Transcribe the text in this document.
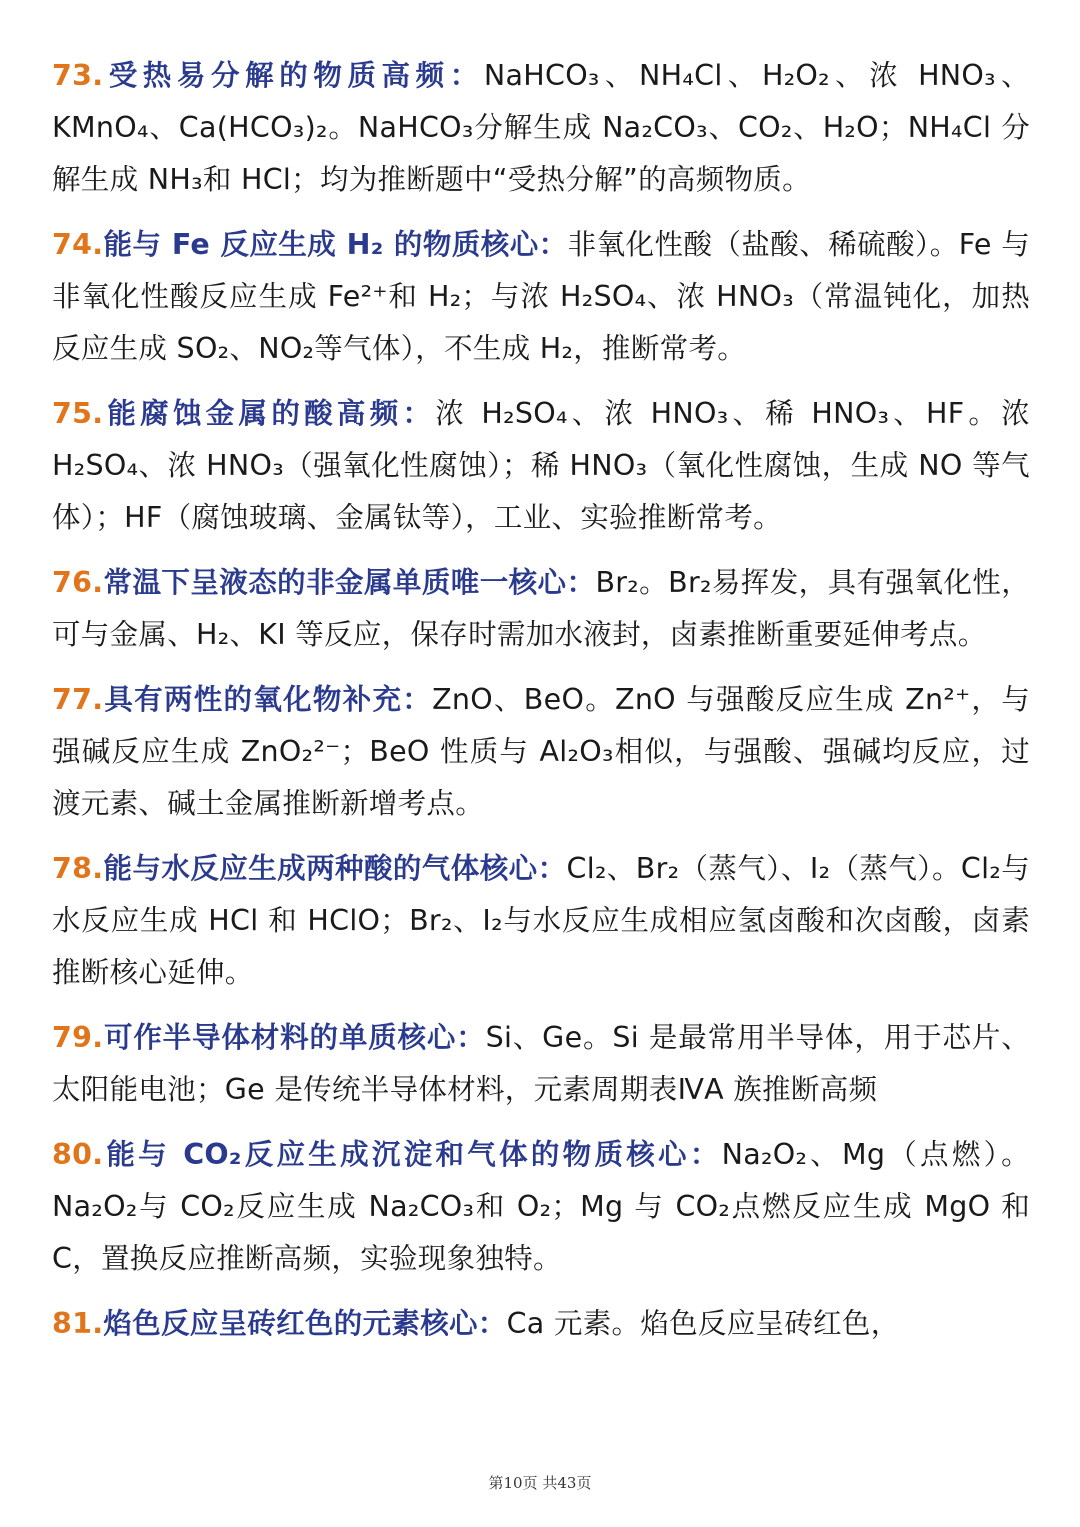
73.受热易分解的物质高频：NaHCO₃、NH₄Cl、H₂O₂、浓 HNO₃、KMnO₄、Ca(HCO₃)₂。NaHCO₃分解生成 Na₂CO₃、CO₂、H₂O；NH₄Cl 分解生成 NH₃和 HCl；均为推断题中“受热分解”的高频物质。

74.能与 Fe 反应生成 H₂ 的物质核心：非氧化性酸（盐酸、稀硫酸）。Fe 与非氧化性酸反应生成 Fe²⁺和 H₂；与浓 H₂SO₄、浓 HNO₃（常温钝化，加热反应生成 SO₂、NO₂等气体），不生成 H₂，推断常考。

75.能腐蚀金属的酸高频：浓 H₂SO₄、浓 HNO₃、稀 HNO₃、HF。浓 H₂SO₄、浓 HNO₃（强氧化性腐蚀）；稀 HNO₃（氧化性腐蚀，生成 NO 等气体）；HF（腐蚀玻璃、金属钛等），工业、实验推断常考。

76.常温下呈液态的非金属单质唯一核心：Br₂。Br₂易挥发，具有强氧化性，可与金属、H₂、KI 等反应，保存时需加水液封，卤素推断重要延伸考点。

77.具有两性的氧化物补充：ZnO、BeO。ZnO 与强酸反应生成 Zn²⁺，与强碱反应生成 ZnO₂²⁻；BeO 性质与 Al₂O₃相似，与强酸、强碱均反应，过渡元素、碱土金属推断新增考点。

78.能与水反应生成两种酸的气体核心：Cl₂、Br₂（蒸气）、I₂（蒸气）。Cl₂与水反应生成 HCl 和 HClO；Br₂、I₂与水反应生成相应氢卤酸和次卤酸，卤素推断核心延伸。

79.可作半导体材料的单质核心：Si、Ge。Si 是最常用半导体，用于芯片、太阳能电池；Ge 是传统半导体材料，元素周期表ⅣA 族推断高频

80.能与 CO₂反应生成沉淀和气体的物质核心：Na₂O₂、Mg（点燃）。Na₂O₂与 CO₂反应生成 Na₂CO₃和 O₂；Mg 与 CO₂点燃反应生成 MgO 和 C，置换反应推断高频，实验现象独特。

81.焰色反应呈砖红色的元素核心：Ca 元素。焰色反应呈砖红色，

第10页 共43页
